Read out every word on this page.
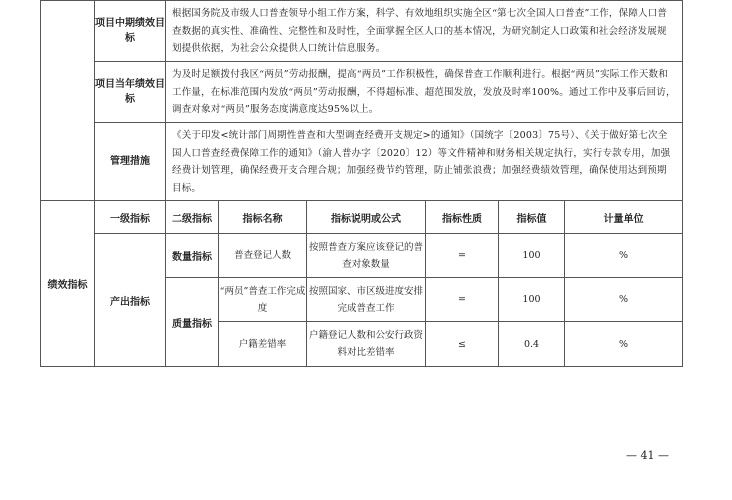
	项目中期绩效目标	根据国务院及市级人口普查领导小组工作方案，科学、有效地组织实施全区“第七次全国人口普查”工作，保障人口普查数据的真实性、准确性、完整性和及时性，全面掌握全区人口的基本情况，为研究制定人口政策和社会经济发展规划提供依据，为社会公众提供人口统计信息服务。					
	项目当年绩效目标	为及时足额拨付我区“两员”劳动报酬，提高“两员”工作积极性，确保普查工作顺利进行。根据“两员”实际工作天数和工作量，在标准范围内发放“两员”劳动报酬，不得超标准、超范围发放，发放及时率100%。通过工作中及事后回访，调查对象对“两员”服务态度满意度达95%以上。					
	管理措施	《关于印发<统计部门周期性普查和大型调查经费开支规定>的通知》（国统字〔2003〕75号）、《关于做好第七次全国人口普查经费保障工作的通知》（渝人普办字〔2020〕12）等文件精神和财务相关规定执行，实行专款专用，加强经费计划管理，确保经费开支合理合规；加强经费节约管理，防止铺张浪费；加强经费绩效管理，确保使用达到预期目标。					
绩效指标	一级指标	二级指标	指标名称	指标说明或公式	指标性质	指标值	计量单位
	产出指标	数量指标	普查登记人数	按照普查方案应该登记的普查对象数量	=	100	%

		质量指标	“两员”普查工作完成度	按照国家、市区级进度安排完成普查工作	=	100	%
			户籍差错率	户籍登记人数和公安行政资料对比差错率	≤	0.4	%
— 41 —
